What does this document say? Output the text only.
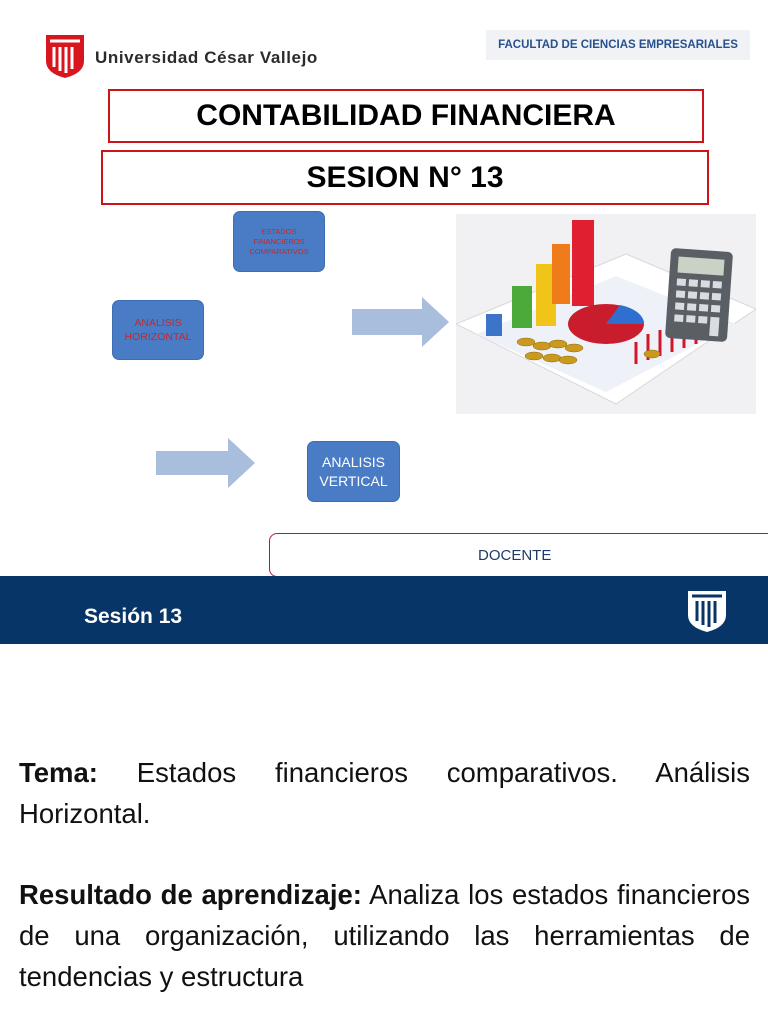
Universidad César Vallejo
FACULTAD DE CIENCIAS EMPRESARIALES
CONTABILIDAD FINANCIERA
SESION N° 13
ESTADOS
FINANCIEROS
COMPARATIVOS
ANALISIS
HORIZONTAL
ANALISIS
VERTICAL
DOCENTE
Sesión 13
Tema: Estados financieros comparativos. Análisis Horizontal.
Resultado de aprendizaje: Analiza los estados financieros de una organización, utilizando las herramientas de tendencias y estructura
